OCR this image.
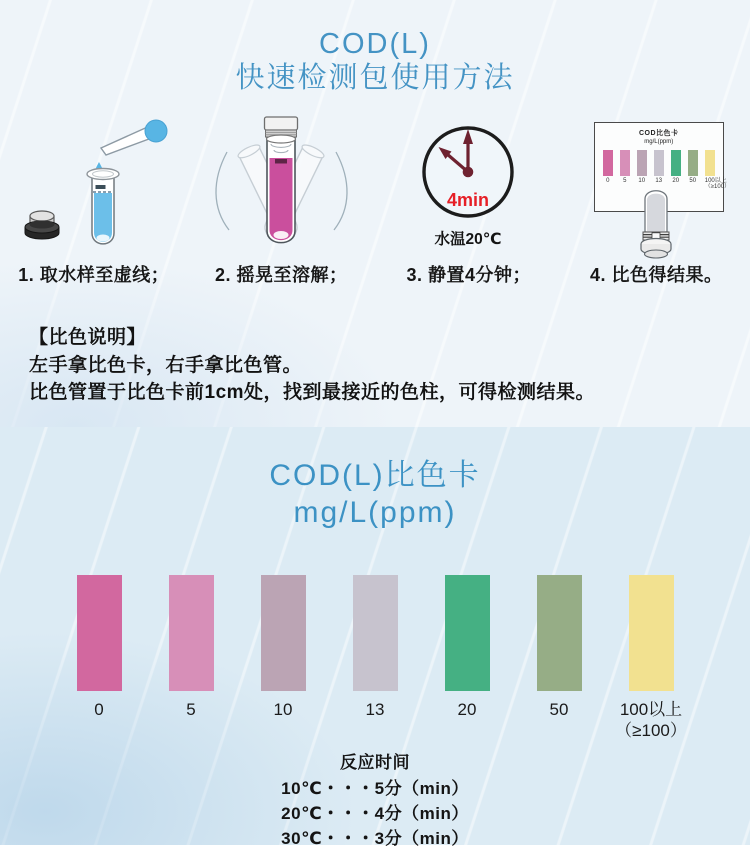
COD(L)
快速检测包使用方法
1. 取水样至虚线；	2. 摇晃至溶解；
4min
水温20℃
3. 静置4分钟；
COD比色卡
mg/L(ppm)
0	5	10 13 20 50 100以上
（≥100）
4. 比色得结果。
【比色说明】
左手拿比色卡，右手拿比色管。
比色管置于比色卡前1cm处，找到最接近的色柱，可得检测结果。
COD(L)比色卡
mg/L(ppm)
0	5	10	13	20	50	100以上
（≥100）
反应时间
10℃・・・5分（min）
20℃・・・4分（min）
30℃・・・3分（min）
